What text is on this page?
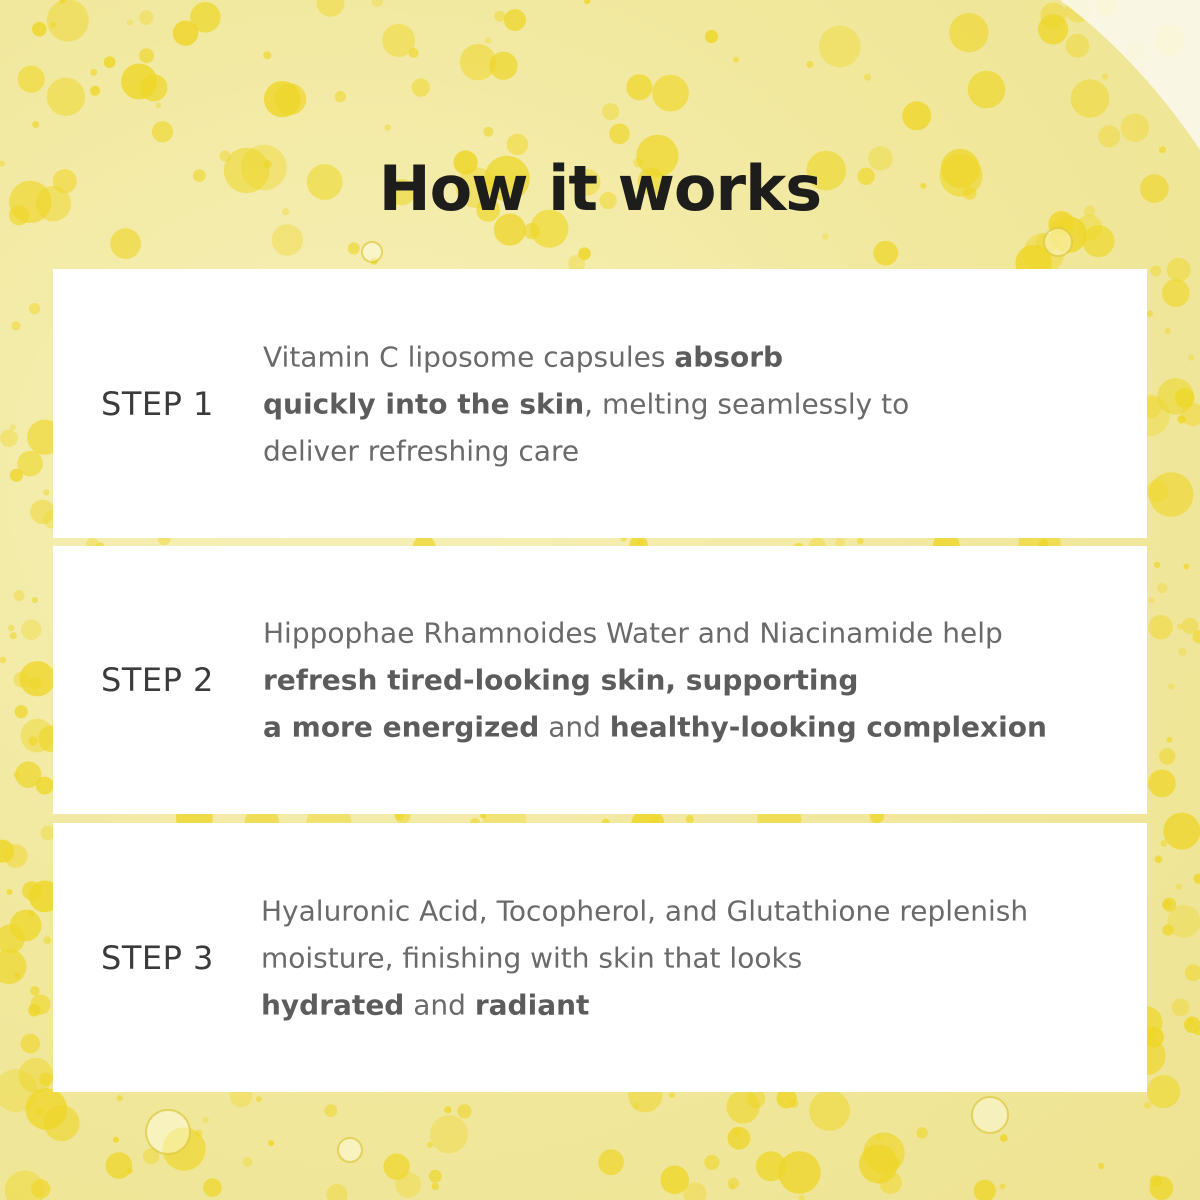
How it works

STEP 1

Vitamin C liposome capsules absorb
quickly into the skin, melting seamlessly to
deliver refreshing care

STEP 2

Hippophae Rhamnoides Water and Niacinamide help
refresh tired-looking skin, supporting
a more energized and healthy-looking complexion

STEP 3

Hyaluronic Acid, Tocopherol, and Glutathione replenish
moisture, finishing with skin that looks
hydrated and radiant
